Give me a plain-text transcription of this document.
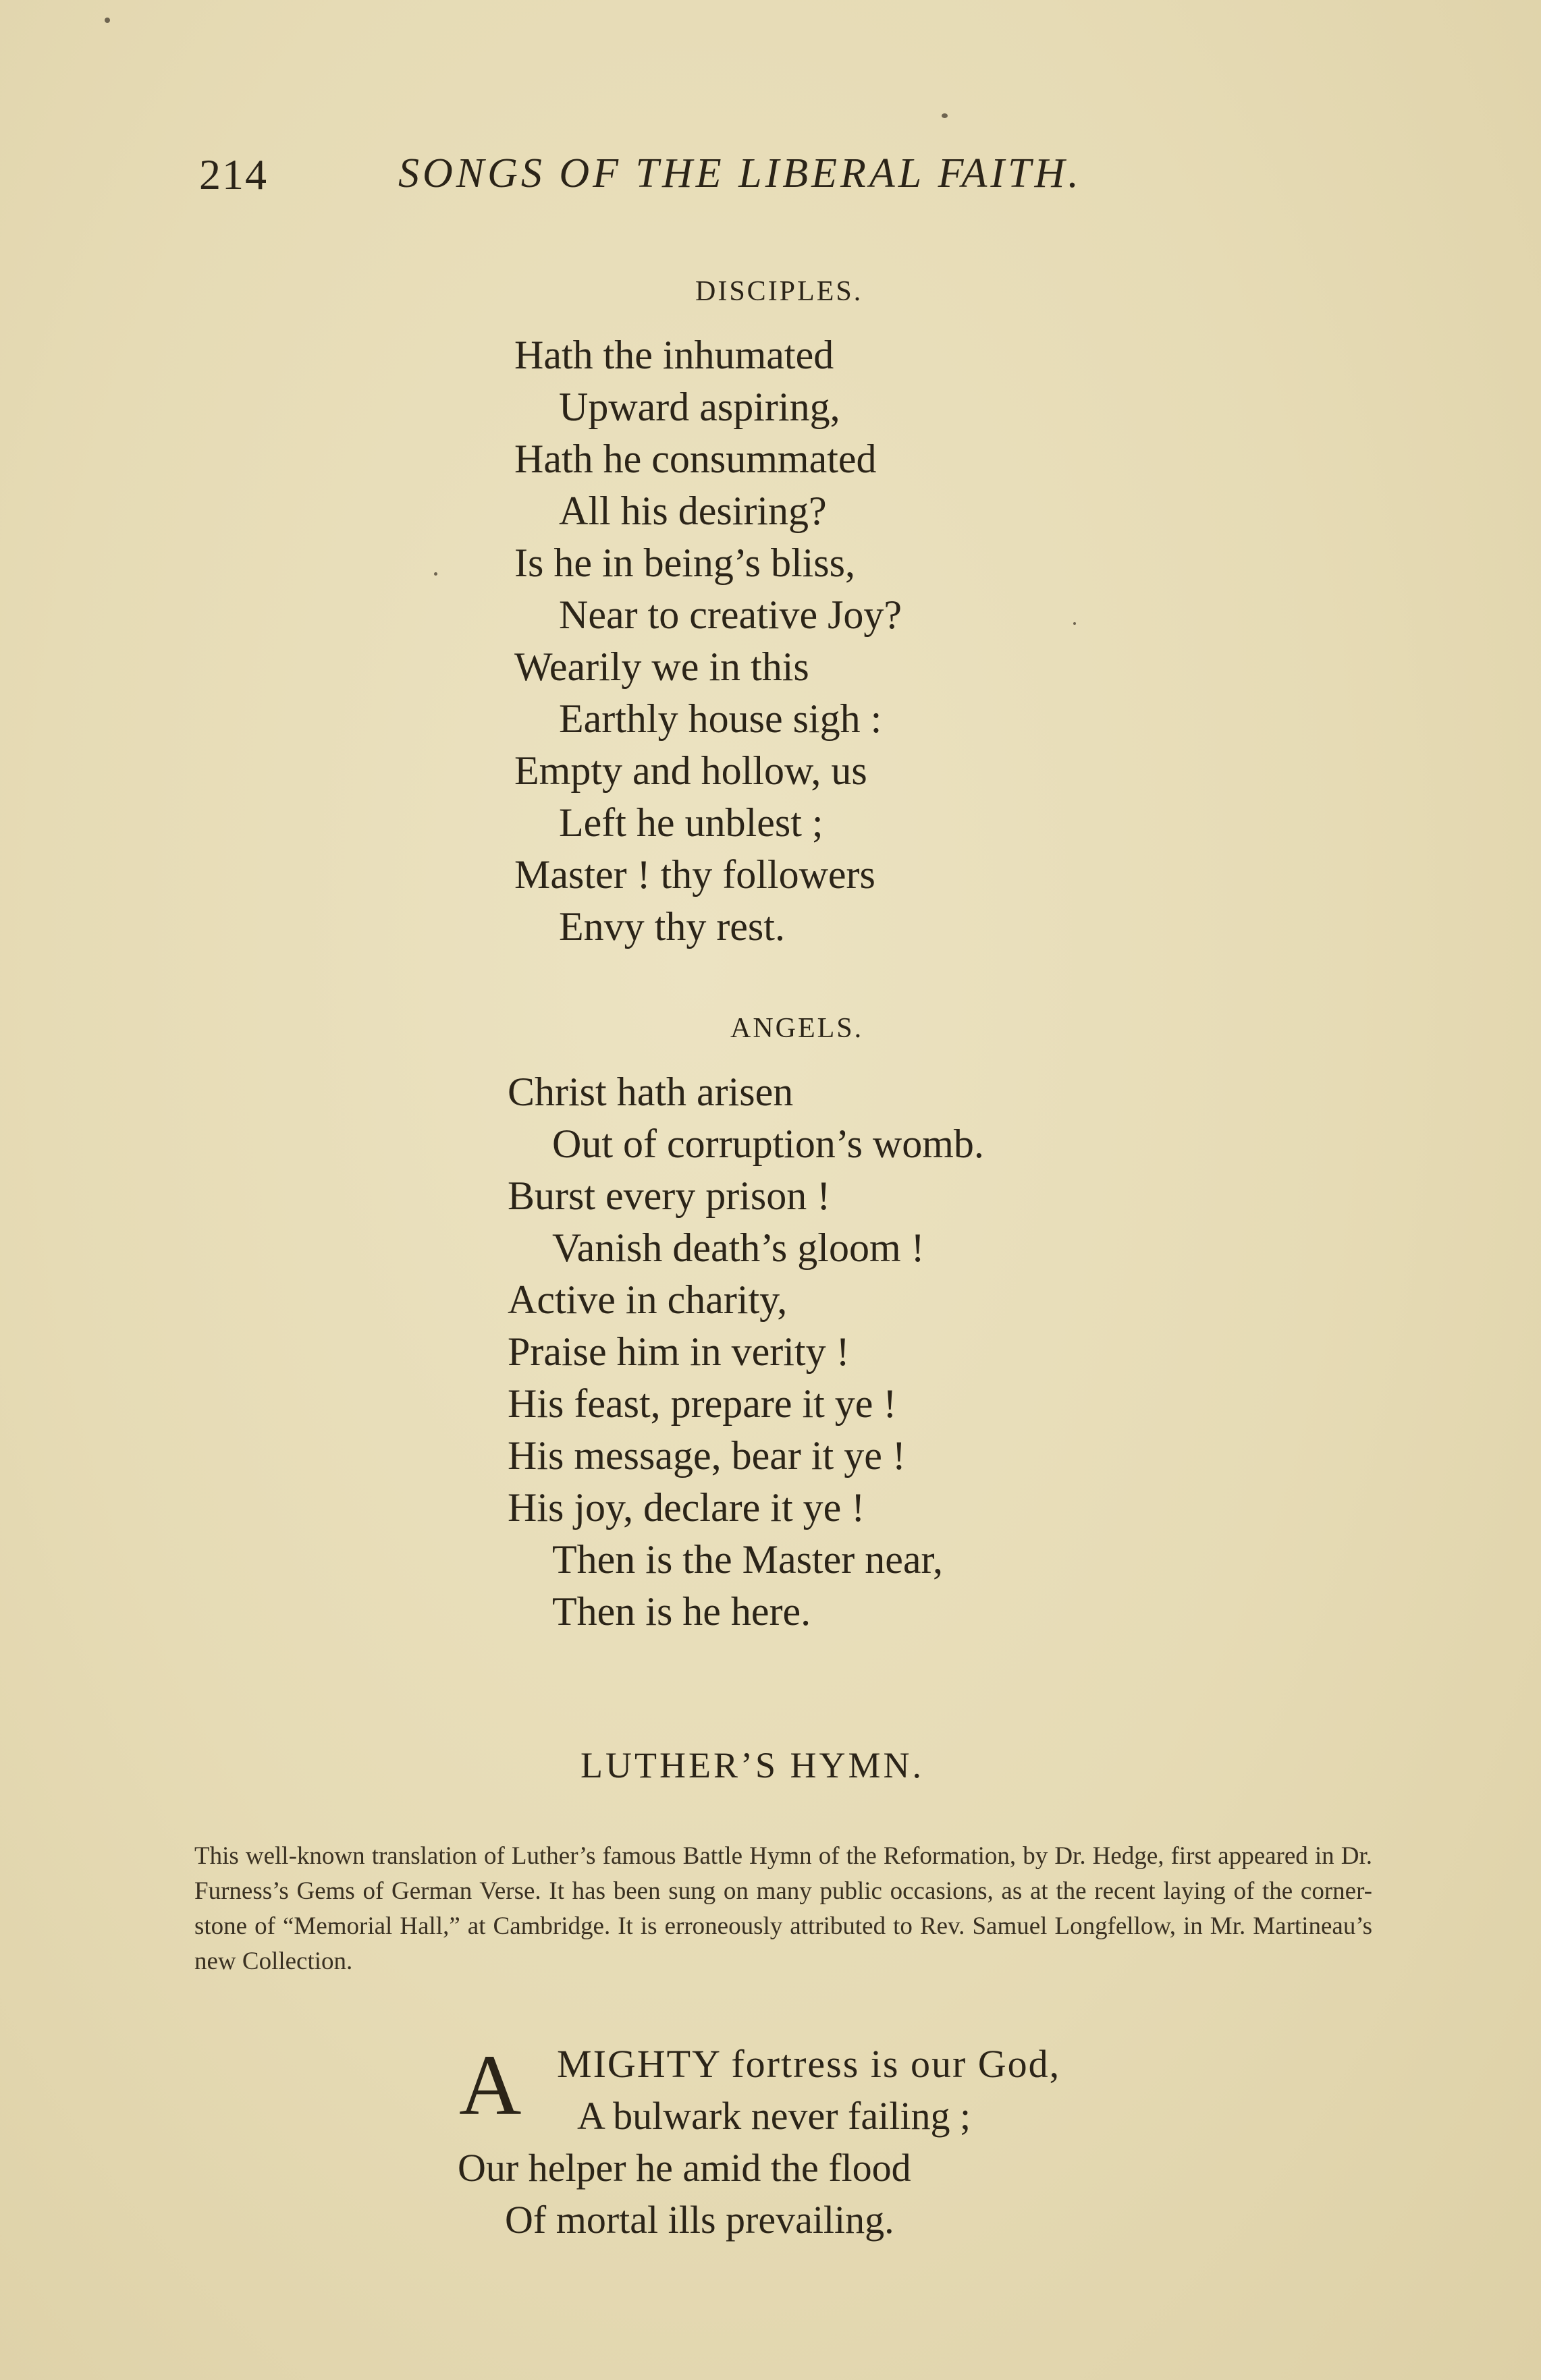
214	SONGS OF THE LIBERAL FAITH.
DISCIPLES.
Hath the inhumated
Upward aspiring,
Hath he consummated
All his desiring?
Is he in being’s bliss,
Near to creative Joy?
Wearily we in this
Earthly house sigh :
Empty and hollow, us
Left he unblest ;
Master ! thy followers
Envy thy rest.
ANGELS.
Christ hath arisen
Out of corruption’s womb.
Burst every prison !
Vanish death’s gloom !
Active in charity,
Praise him in verity !
His feast, prepare it ye !
His message, bear it ye !
His joy, declare it ye !
Then is the Master near,
Then is he here.
LUTHER’S HYMN.
This well-known translation of Luther’s famous Battle Hymn of the Reformation, by Dr. Hedge, first appeared in Dr. Furness’s Gems of German Verse. It has been sung on many public occasions, as at the recent laying of the corner-stone of “Memorial Hall,” at Cambridge. It is erroneously attributed to Rev. Samuel Longfellow, in Mr. Martineau’s new Collection.
A MIGHTY fortress is our God,
A bulwark never failing ;
Our helper he amid the flood
Of mortal ills prevailing.
